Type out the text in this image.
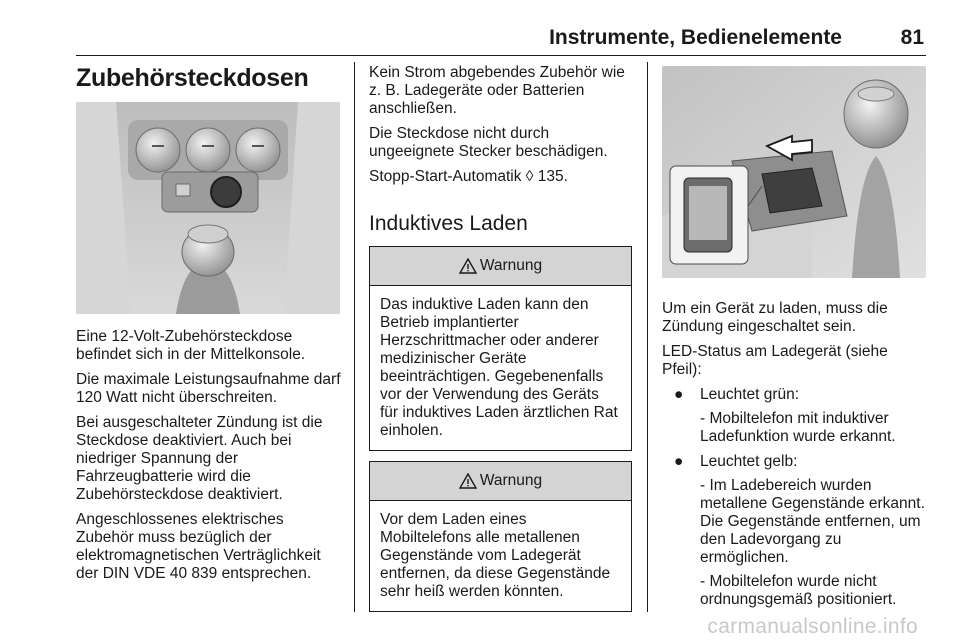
Instrumente, Bedienelemente	81
Zubehörsteckdosen

Eine 12-Volt-Zubehörsteckdose befindet sich in der Mittelkonsole.

Die maximale Leistungsaufnahme darf 120 Watt nicht überschreiten.

Bei ausgeschalteter Zündung ist die Steckdose deaktiviert. Auch bei niedriger Spannung der Fahrzeugbatterie wird die Zubehörsteckdose deaktiviert.

Angeschlossenes elektrisches Zubehör muss bezüglich der elektromagnetischen Verträglichkeit der DIN VDE 40 839 entsprechen.

Kein Strom abgebendes Zubehör wie z. B. Ladegeräte oder Batterien anschließen.

Die Steckdose nicht durch ungeeignete Stecker beschädigen.

Stopp-Start-Automatik ◊ 135.

Induktives Laden
Warnung
Das induktive Laden kann den Betrieb implantierter Herzschrittmacher oder anderer medizinischer Geräte beeinträchtigen. Gegebenenfalls vor der Verwendung des Geräts für induktives Laden ärztlichen Rat einholen.
Warnung
Vor dem Laden eines Mobiltelefons alle metallenen Gegenstände vom Ladegerät entfernen, da diese Gegenstände sehr heiß werden könnten.

Um ein Gerät zu laden, muss die Zündung eingeschaltet sein.

LED-Status am Ladegerät (siehe Pfeil):

● Leuchtet grün:
- Mobiltelefon mit induktiver Ladefunktion wurde erkannt.
● Leuchtet gelb:
- Im Ladebereich wurden metallene Gegenstände erkannt. Die Gegenstände entfernen, um den Ladevorgang zu ermöglichen.
- Mobiltelefon wurde nicht ordnungsgemäß positioniert.
carmanualsonline.info
